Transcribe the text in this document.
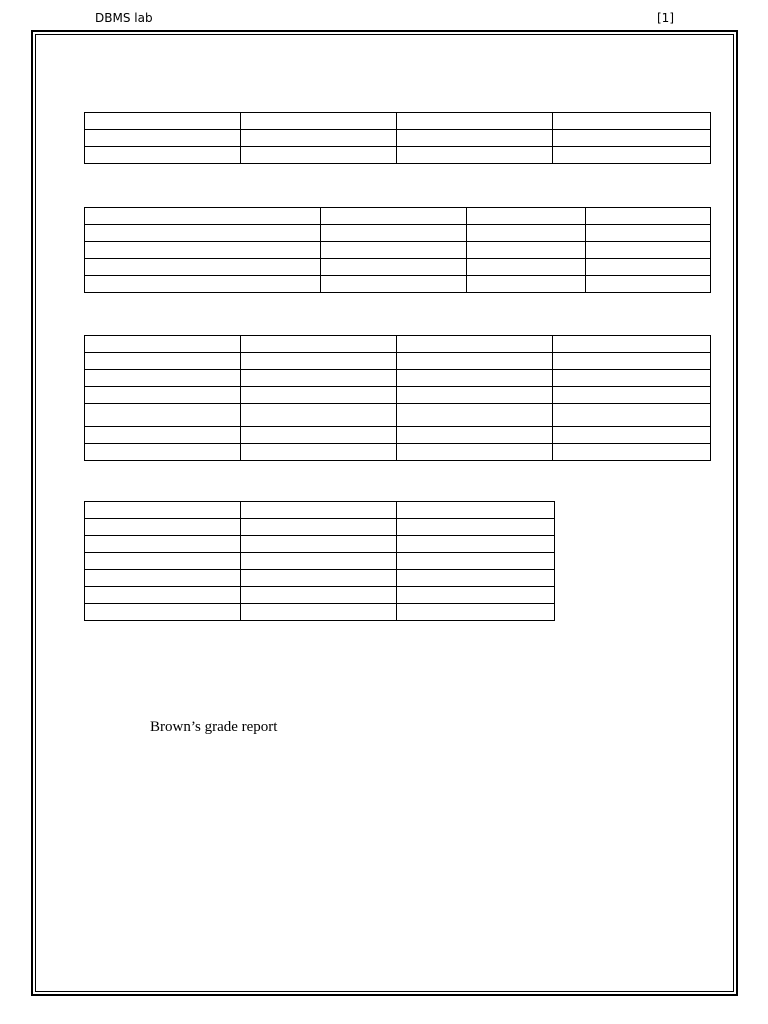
DBMS lab	[1]

Brown’s grade report
